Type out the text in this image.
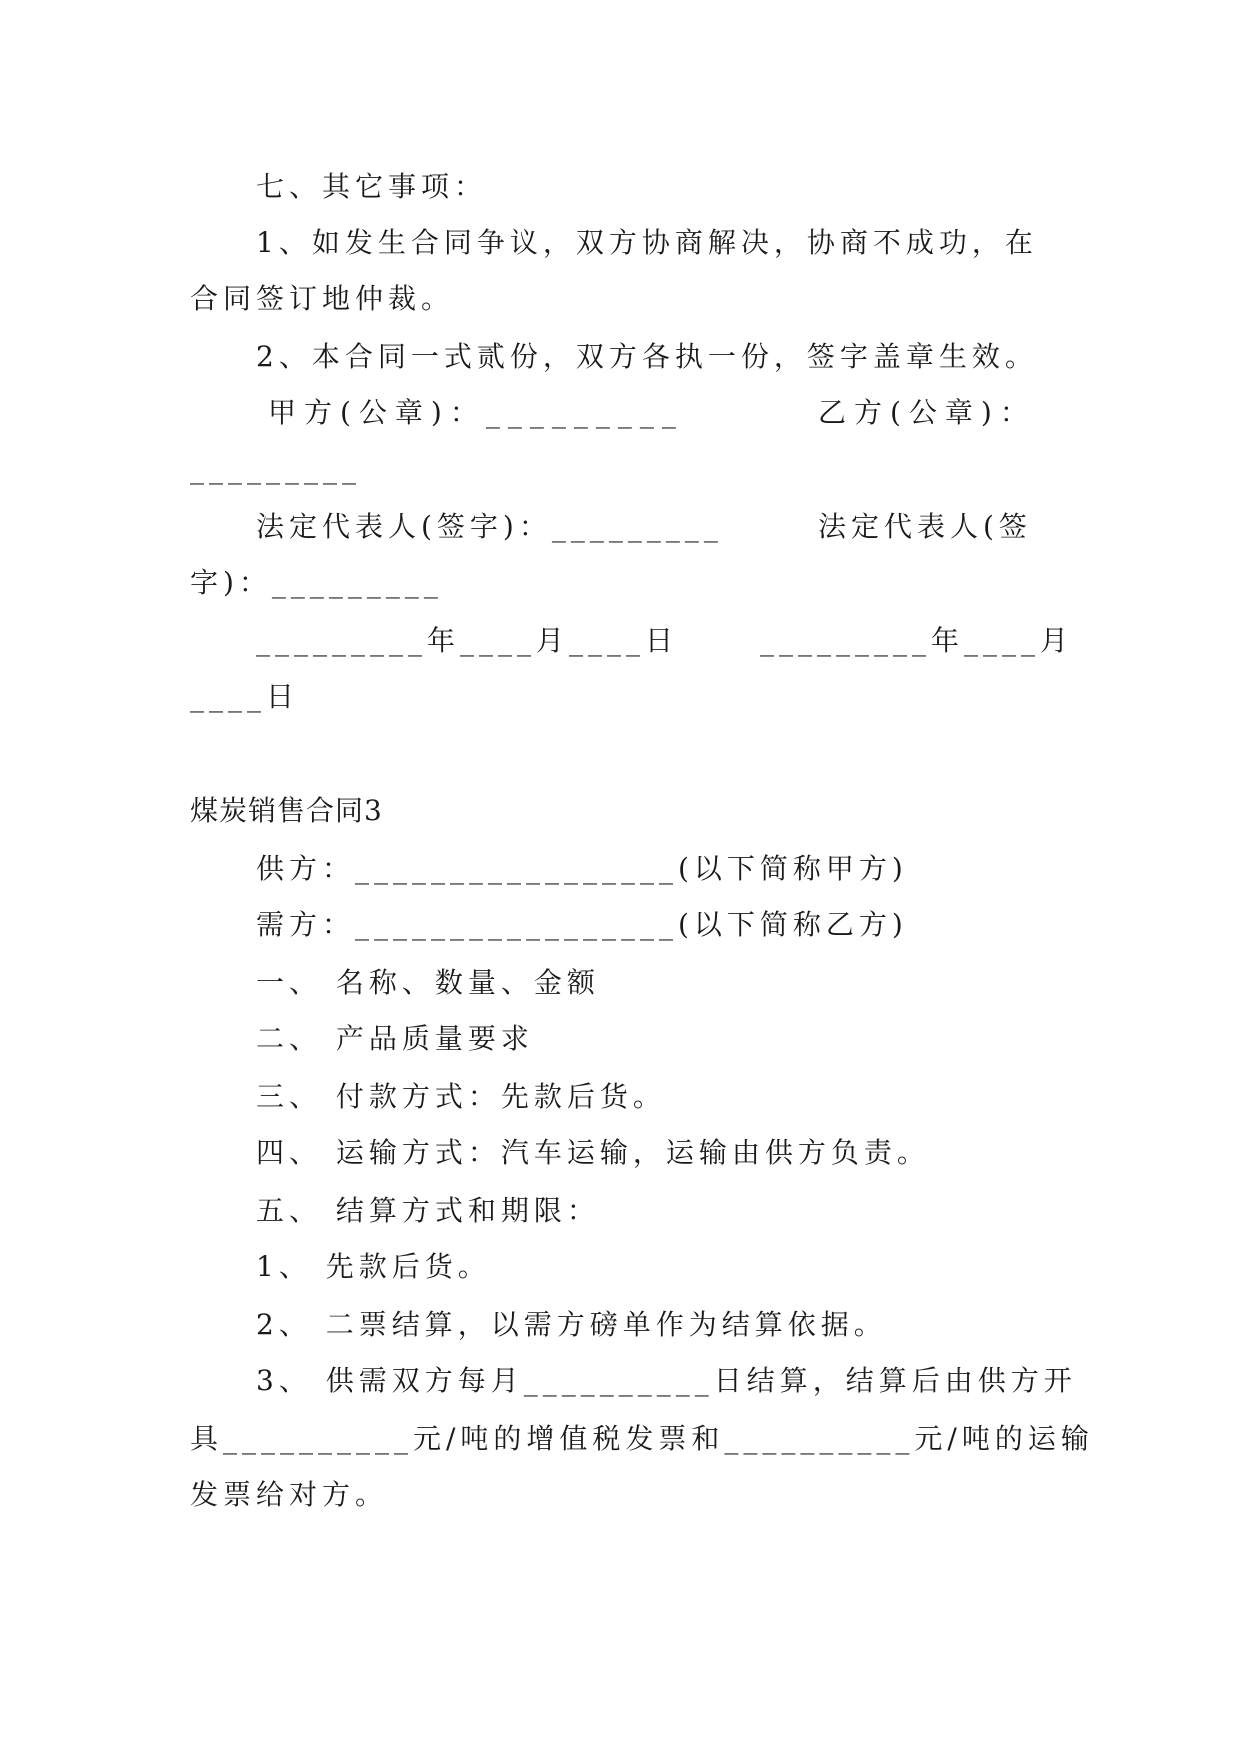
七、其它事项：
1、如发生合同争议，双方协商解决，协商不成功，在
合同签订地仲裁。
2、本合同一式贰份，双方各执一份，签字盖章生效。
甲方(公章)：_________	乙方(公章)：
_________
法定代表人(签字)：_________	法定代表人(签
字)：_________
_________年____月____日	_________年____月
____日
煤炭销售合同3
供方：_________________(以下简称甲方)
需方：_________________(以下简称乙方)
一、 名称、数量、金额
二、 产品质量要求
三、 付款方式：先款后货。
四、 运输方式：汽车运输，运输由供方负责。
五、 结算方式和期限：
1、 先款后货。
2、 二票结算，以需方磅单作为结算依据。
3、 供需双方每月__________日结算，结算后由供方开
具__________元/吨的增值税发票和__________元/吨的运输
发票给对方。
